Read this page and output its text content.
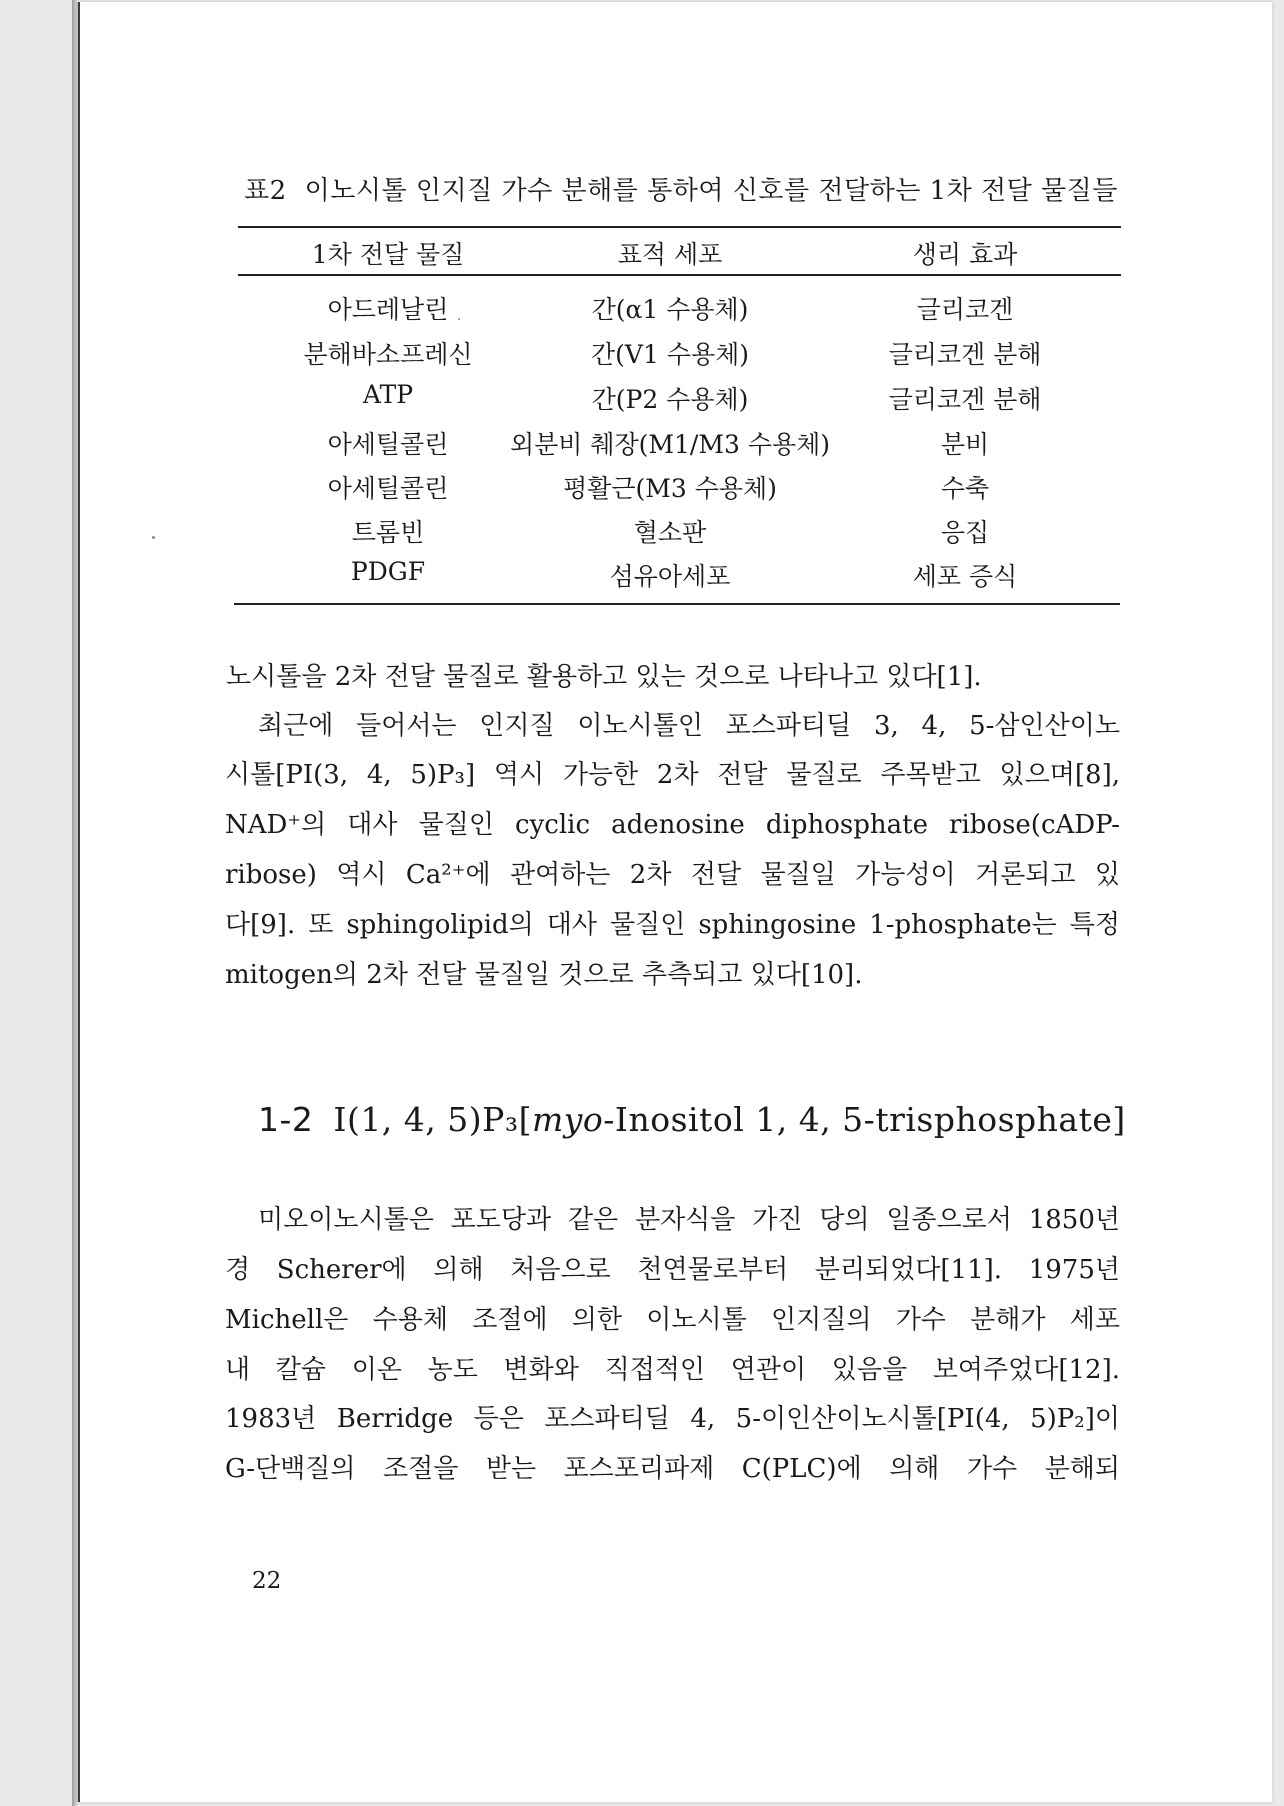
표2 이노시톨 인지질 가수 분해를 통하여 신호를 전달하는 1차 전달 물질들
1차 전달 물질	표적 세포	생리 효과
아드레날린	간(α1 수용체)	글리코겐
분해바소프레신	간(V1 수용체)	글리코겐 분해
ATP	간(P2 수용체)	글리코겐 분해
아세틸콜린	외분비 췌장(M1/M3 수용체)	분비
아세틸콜린	평활근(M3 수용체)	수축
트롬빈	혈소판	응집
PDGF	섬유아세포	세포 증식
노시톨을 2차 전달 물질로 활용하고 있는 것으로 나타나고 있다[1].
최근에 들어서는 인지질 이노시톨인 포스파티딜 3, 4, 5-삼인산이노
시톨[PI(3, 4, 5)P₃] 역시 가능한 2차 전달 물질로 주목받고 있으며[8],
NAD⁺의 대사 물질인 cyclic adenosine diphosphate ribose(cADP-
ribose) 역시 Ca²⁺에 관여하는 2차 전달 물질일 가능성이 거론되고 있
다[9]. 또 sphingolipid의 대사 물질인 sphingosine 1-phosphate는 특정
mitogen의 2차 전달 물질일 것으로 추측되고 있다[10].
1-2 I(1, 4, 5)P₃[myo-Inositol 1, 4, 5-trisphosphate]
미오이노시톨은 포도당과 같은 분자식을 가진 당의 일종으로서 1850년
경 Scherer에 의해 처음으로 천연물로부터 분리되었다[11]. 1975년
Michell은 수용체 조절에 의한 이노시톨 인지질의 가수 분해가 세포
내 칼슘 이온 농도 변화와 직접적인 연관이 있음을 보여주었다[12].
1983년 Berridge 등은 포스파티딜 4, 5-이인산이노시톨[PI(4, 5)P₂]이
G-단백질의 조절을 받는 포스포리파제 C(PLC)에 의해 가수 분해되
22
